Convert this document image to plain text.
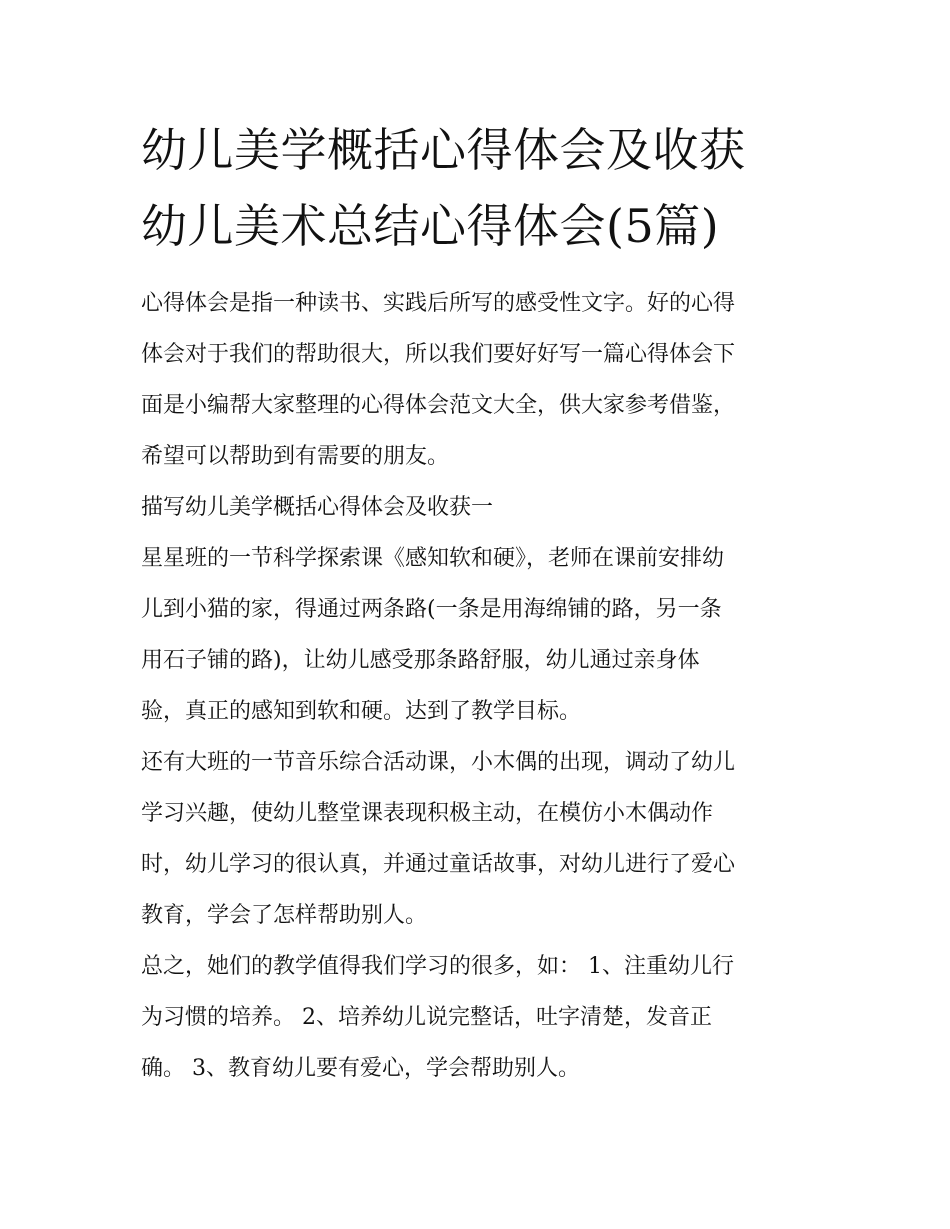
幼儿美学概括心得体会及收获
幼儿美术总结心得体会(5篇)

心得体会是指一种读书、实践后所写的感受性文字。好的心得
体会对于我们的帮助很大，所以我们要好好写一篇心得体会下
面是小编帮大家整理的心得体会范文大全，供大家参考借鉴，
希望可以帮助到有需要的朋友。

描写幼儿美学概括心得体会及收获一

星星班的一节科学探索课《感知软和硬》，老师在课前安排幼
儿到小猫的家，得通过两条路(一条是用海绵铺的路，另一条
用石子铺的路)，让幼儿感受那条路舒服，幼儿通过亲身体
验，真正的感知到软和硬。达到了教学目标。

还有大班的一节音乐综合活动课，小木偶的出现，调动了幼儿
学习兴趣，使幼儿整堂课表现积极主动，在模仿小木偶动作
时，幼儿学习的很认真，并通过童话故事，对幼儿进行了爱心
教育，学会了怎样帮助别人。

总之，她们的教学值得我们学习的很多，如： 1、注重幼儿行
为习惯的培养。 2、培养幼儿说完整话，吐字清楚，发音正
确。 3、教育幼儿要有爱心，学会帮助别人。
